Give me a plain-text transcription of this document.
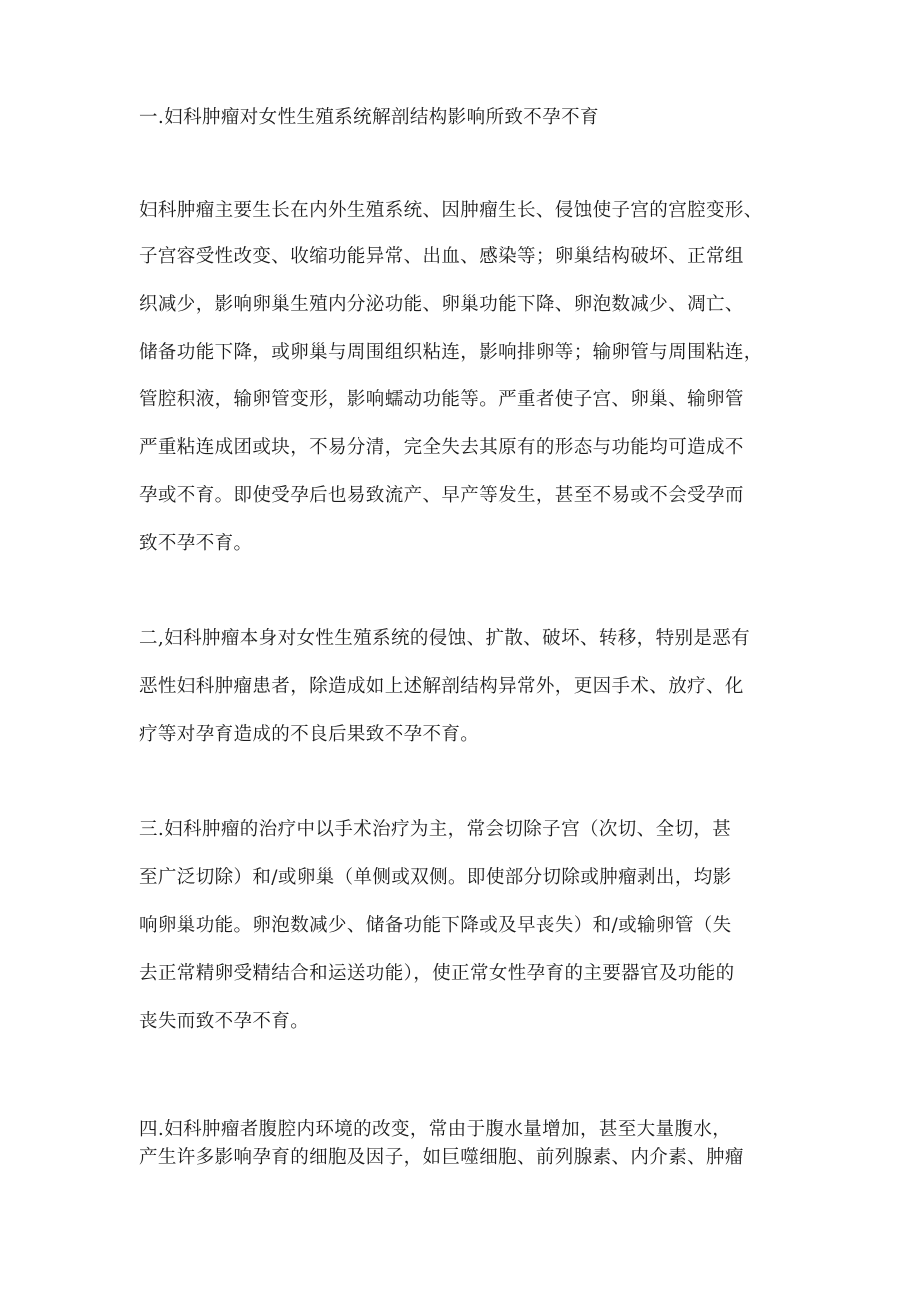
一.妇科肿瘤对女性生殖系统解剖结构影响所致不孕不育
妇科肿瘤主要生长在内外生殖系统、因肿瘤生长、侵蚀使子宫的宫腔变形、
子宫容受性改变、收缩功能异常、出血、感染等；卵巢结构破坏、正常组
织减少，影响卵巢生殖内分泌功能、卵巢功能下降、卵泡数减少、凋亡、
储备功能下降，或卵巢与周围组织粘连，影响排卵等；输卵管与周围粘连，
管腔积液，输卵管变形，影响蠕动功能等。严重者使子宫、卵巢、输卵管
严重粘连成团或块，不易分清，完全失去其原有的形态与功能均可造成不
孕或不育。即使受孕后也易致流产、早产等发生，甚至不易或不会受孕而
致不孕不育。
二,妇科肿瘤本身对女性生殖系统的侵蚀、扩散、破坏、转移，特别是恶有
恶性妇科肿瘤患者，除造成如上述解剖结构异常外，更因手术、放疗、化
疗等对孕育造成的不良后果致不孕不育。
三.妇科肿瘤的治疗中以手术治疗为主，常会切除子宫（次切、全切，甚
至广泛切除）和/或卵巢（单侧或双侧。即使部分切除或肿瘤剥出，均影
响卵巢功能。卵泡数减少、储备功能下降或及早丧失）和/或输卵管（失
去正常精卵受精结合和运送功能），使正常女性孕育的主要器官及功能的
丧失而致不孕不育。
四.妇科肿瘤者腹腔内环境的改变，常由于腹水量增加，甚至大量腹水，
产生许多影响孕育的细胞及因子，如巨噬细胞、前列腺素、内介素、肿瘤
